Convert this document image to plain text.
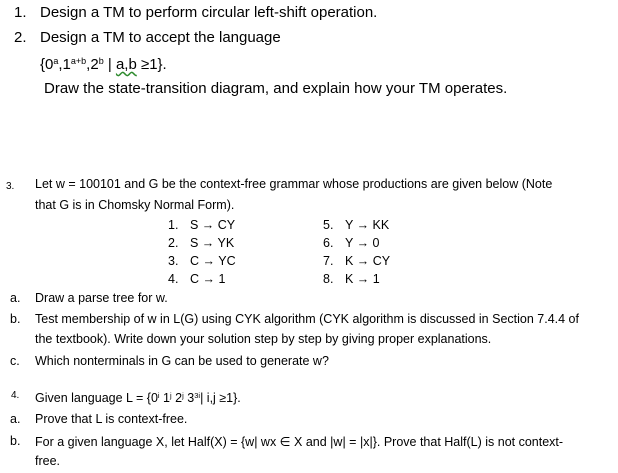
1. Design a TM to perform circular left-shift operation.
2. Design a TM to accept the language
{$0^a,1^{a+b},2^b$ | a,b ≥1}.
Draw the state-transition diagram, and explain how your TM operates.
3. Let w = 100101 and G be the context-free grammar whose productions are given below (Note
that G is in Chomsky Normal Form).
1. S → CY
2. S → YK
3. C → YC
4. C → 1
5. Y → KK
6. Y → 0
7. K → CY
8. K → 1
a. Draw a parse tree for w.
b. Test membership of w in L(G) using CYK algorithm (CYK algorithm is discussed in Section 7.4.4 of
the textbook). Write down your solution step by step by giving proper explanations.
c. Which nonterminals in G can be used to generate w?
4. Given language $L = \{0^i$ 1$^j$ 2$^j$ $3^{3i}|$ i,j ≥1}.
a. Prove that L is context-free.
b. For a given language X, let Half(X) = {w| wx ∈ X and |w| = |x|}. Prove that Half(L) is not context-
free.
